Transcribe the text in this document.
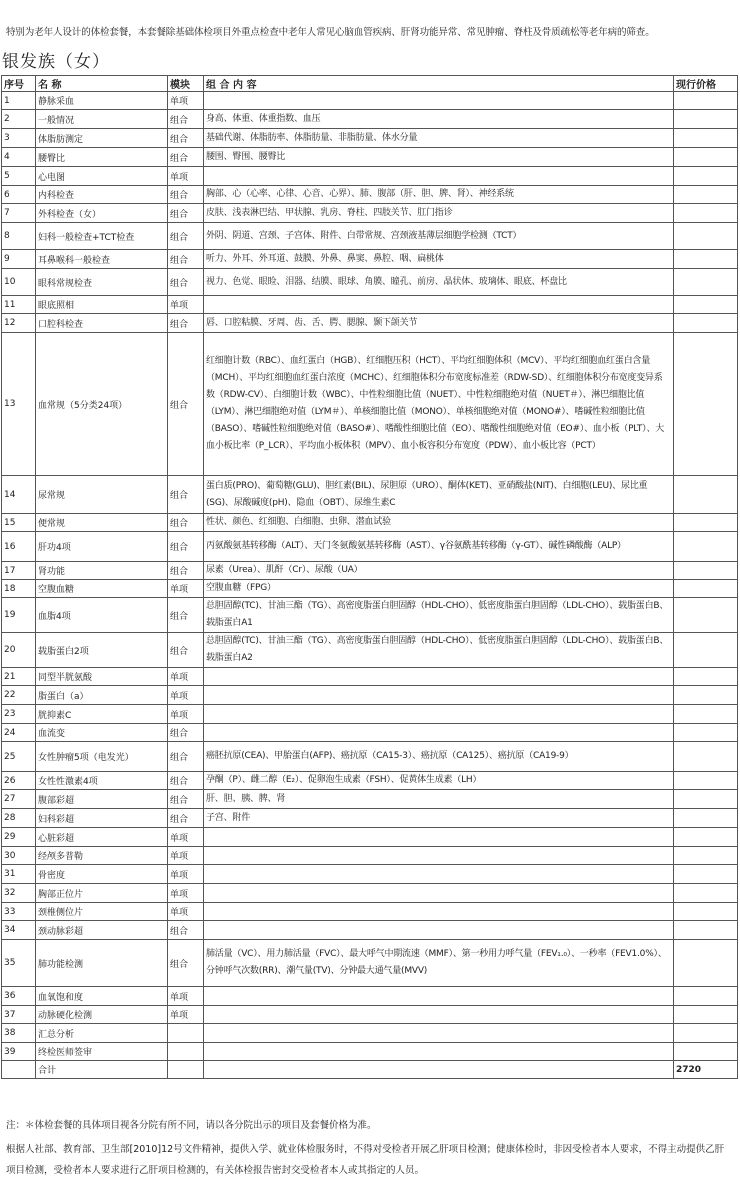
特别为老年人设计的体检套餐，本套餐除基础体检项目外重点检查中老年人常见心脑血管疾病、肝肾功能异常、常见肿瘤、脊柱及骨质疏松等老年病的筛查。
银发族（女）
序号	名 称	模块	组 合 内 容	现行价格
1	静脉采血	单项		
2	一般情况	组合	身高、体重、体重指数、血压	
3	体脂肪测定	组合	基础代谢、体脂肪率、体脂肪量、非脂肪量、体水分量	
4	腰臀比	组合	腰围、臀围、腰臀比	
5	心电图	单项		
6	内科检查	组合	胸部、心（心率、心律、心音、心界）、肺、腹部（肝、胆、脾、肾）、神经系统	
7	外科检查（女）	组合	皮肤、浅表淋巴结、甲状腺、乳房、脊柱、四肢关节、肛门指诊	
8	妇科一般检查+TCT检查	组合	外阴、阴道、宫颈、子宫体、附件、白带常规、宫颈液基薄层细胞学检测（TCT）	
9	耳鼻喉科一般检查	组合	听力、外耳、外耳道、鼓膜、外鼻、鼻窦、鼻腔、咽、扁桃体	
10	眼科常规检查	组合	视力、色觉、眼睑、泪器、结膜、眼球、角膜、瞳孔、前房、晶状体、玻璃体、眼底、杯盘比	
11	眼底照相	单项		
12	口腔科检查	组合	唇、口腔粘膜、牙周、齿、舌、腭、腮腺、颞下颌关节	
13	血常规（5分类24项）	组合	红细胞计数（RBC）、血红蛋白（HGB）、红细胞压积（HCT）、平均红细胞体积（MCV）、平均红细胞血红蛋白含量（MCH）、平均红细胞血红蛋白浓度（MCHC）、红细胞体积分布宽度标准差（RDW-SD）、红细胞体积分布宽度变异系数（RDW-CV）、白细胞计数（WBC）、中性粒细胞比值（NUET）、中性粒细胞绝对值（NUET＃）、淋巴细胞比值（LYM）、淋巴细胞绝对值（LYM＃）、单核细胞比值（MONO）、单核细胞绝对值（MONO#）、嗜碱性粒细胞比值（BASO）、嗜碱性粒细胞绝对值（BASO#）、嗜酸性细胞比值（EO）、嗜酸性细胞绝对值（EO#）、血小板（PLT）、大血小板比率（P_LCR）、平均血小板体积（MPV）、血小板容积分布宽度（PDW）、血小板比容（PCT）	
14	尿常规	组合	蛋白质(PRO)、葡萄糖(GLU)、胆红素(BIL)、尿胆原（URO）、酮体(KET)、亚硝酸盐(NIT)、白细胞(LEU)、尿比重(SG)、尿酸碱度(pH)、隐血（OBT）、尿维生素C	
15	便常规	组合	性状、颜色、红细胞、白细胞、虫卵、潜血试验	
16	肝功4项	组合	丙氨酸氨基转移酶（ALT）、天门冬氨酸氨基转移酶（AST）、γ谷氨酰基转移酶（γ-GT）、碱性磷酸酶（ALP）	
17	肾功能	组合	尿素（Urea）、肌酐（Cr）、尿酸（UA）	
18	空腹血糖	单项	空腹血糖（FPG）	
19	血脂4项	组合	总胆固醇(TC)、甘油三酯（TG）、高密度脂蛋白胆固醇（HDL-CHO）、低密度脂蛋白胆固醇（LDL-CHO）、载脂蛋白B、载脂蛋白A1	
20	载脂蛋白2项	组合	总胆固醇(TC)、甘油三酯（TG）、高密度脂蛋白胆固醇（HDL-CHO）、低密度脂蛋白胆固醇（LDL-CHO）、载脂蛋白B、载脂蛋白A2	
21	同型半胱氨酸	单项		
22	脂蛋白（a）	单项		
23	胱抑素C	单项		
24	血流变	组合		
25	女性肿瘤5项（电发光）	组合	癌胚抗原(CEA)、甲胎蛋白(AFP)、癌抗原（CA15-3）、癌抗原（CA125）、癌抗原（CA19-9）	
26	女性性激素4项	组合	孕酮（P）、雌二醇（E₂）、促卵泡生成素（FSH）、促黄体生成素（LH）	
27	腹部彩超	组合	肝、胆、胰、脾、肾	
28	妇科彩超	组合	子宫、附件	
29	心脏彩超	单项		
30	经颅多普勒	单项		
31	骨密度	单项		
32	胸部正位片	单项		
33	颈椎侧位片	单项		
34	颈动脉彩超	组合		
35	肺功能检测	组合	肺活量（VC）、用力肺活量（FVC）、最大呼气中期流速（MMF）、第一秒用力呼气量（FEV₁.₀）、一秒率（FEV1.0%）、分钟呼气次数(RR)、潮气量(TV)、分钟最大通气量(MVV)	
36	血氧饱和度	单项		
37	动脉硬化检测	单项		
38	汇总分析			
39	终检医师签审			
	合计			2720

注：＊体检套餐的具体项目视各分院有所不同，请以各分院出示的项目及套餐价格为准。

根据人社部、教育部、卫生部[2010]12号文件精神，提供入学、就业体检服务时，不得对受检者开展乙肝项目检测；健康体检时，非因受检者本人要求，不得主动提供乙肝项目检测，受检者本人要求进行乙肝项目检测的，有关体检报告密封交受检者本人或其指定的人员。
